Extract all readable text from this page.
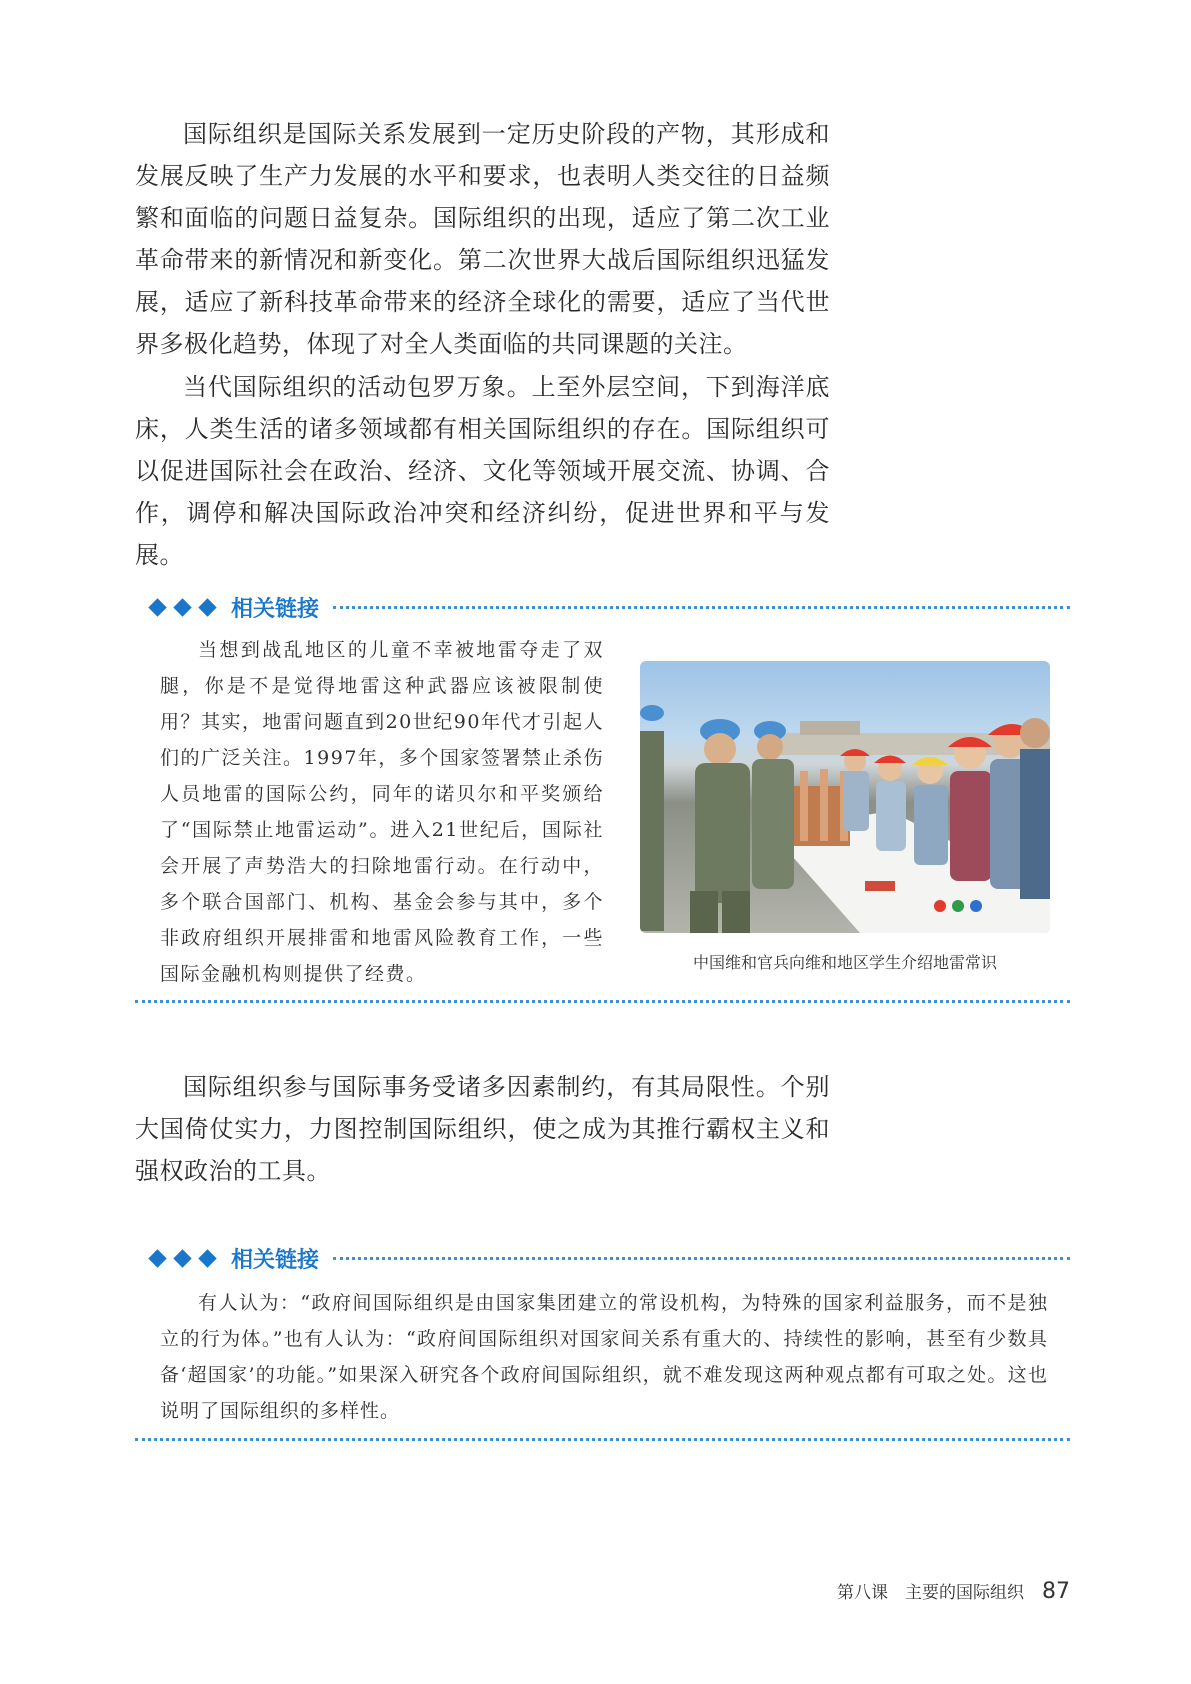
国际组织是国际关系发展到一定历史阶段的产物，其形成和发展反映了生产力发展的水平和要求，也表明人类交往的日益频繁和面临的问题日益复杂。国际组织的出现，适应了第二次工业革命带来的新情况和新变化。第二次世界大战后国际组织迅猛发展，适应了新科技革命带来的经济全球化的需要，适应了当代世界多极化趋势，体现了对全人类面临的共同课题的关注。

当代国际组织的活动包罗万象。上至外层空间，下到海洋底床，人类生活的诸多领域都有相关国际组织的存在。国际组织可以促进国际社会在政治、经济、文化等领域开展交流、协调、合作，调停和解决国际政治冲突和经济纠纷，促进世界和平与发展。

相关链接

当想到战乱地区的儿童不幸被地雷夺走了双腿，你是不是觉得地雷这种武器应该被限制使用？其实，地雷问题直到20世纪90年代才引起人们的广泛关注。1997年，多个国家签署禁止杀伤人员地雷的国际公约，同年的诺贝尔和平奖颁给了“国际禁止地雷运动”。进入21世纪后，国际社会开展了声势浩大的扫除地雷行动。在行动中，多个联合国部门、机构、基金会参与其中，多个非政府组织开展排雷和地雷风险教育工作，一些国际金融机构则提供了经费。

中国维和官兵向维和地区学生介绍地雷常识

国际组织参与国际事务受诸多因素制约，有其局限性。个别大国倚仗实力，力图控制国际组织，使之成为其推行霸权主义和强权政治的工具。

相关链接

有人认为：“政府间国际组织是由国家集团建立的常设机构，为特殊的国家利益服务，而不是独立的行为体。”也有人认为：“政府间国际组织对国家间关系有重大的、持续性的影响，甚至有少数具备‘超国家’的功能。”如果深入研究各个政府间国际组织，就不难发现这两种观点都有可取之处。这也说明了国际组织的多样性。

第八课　主要的国际组织 87
